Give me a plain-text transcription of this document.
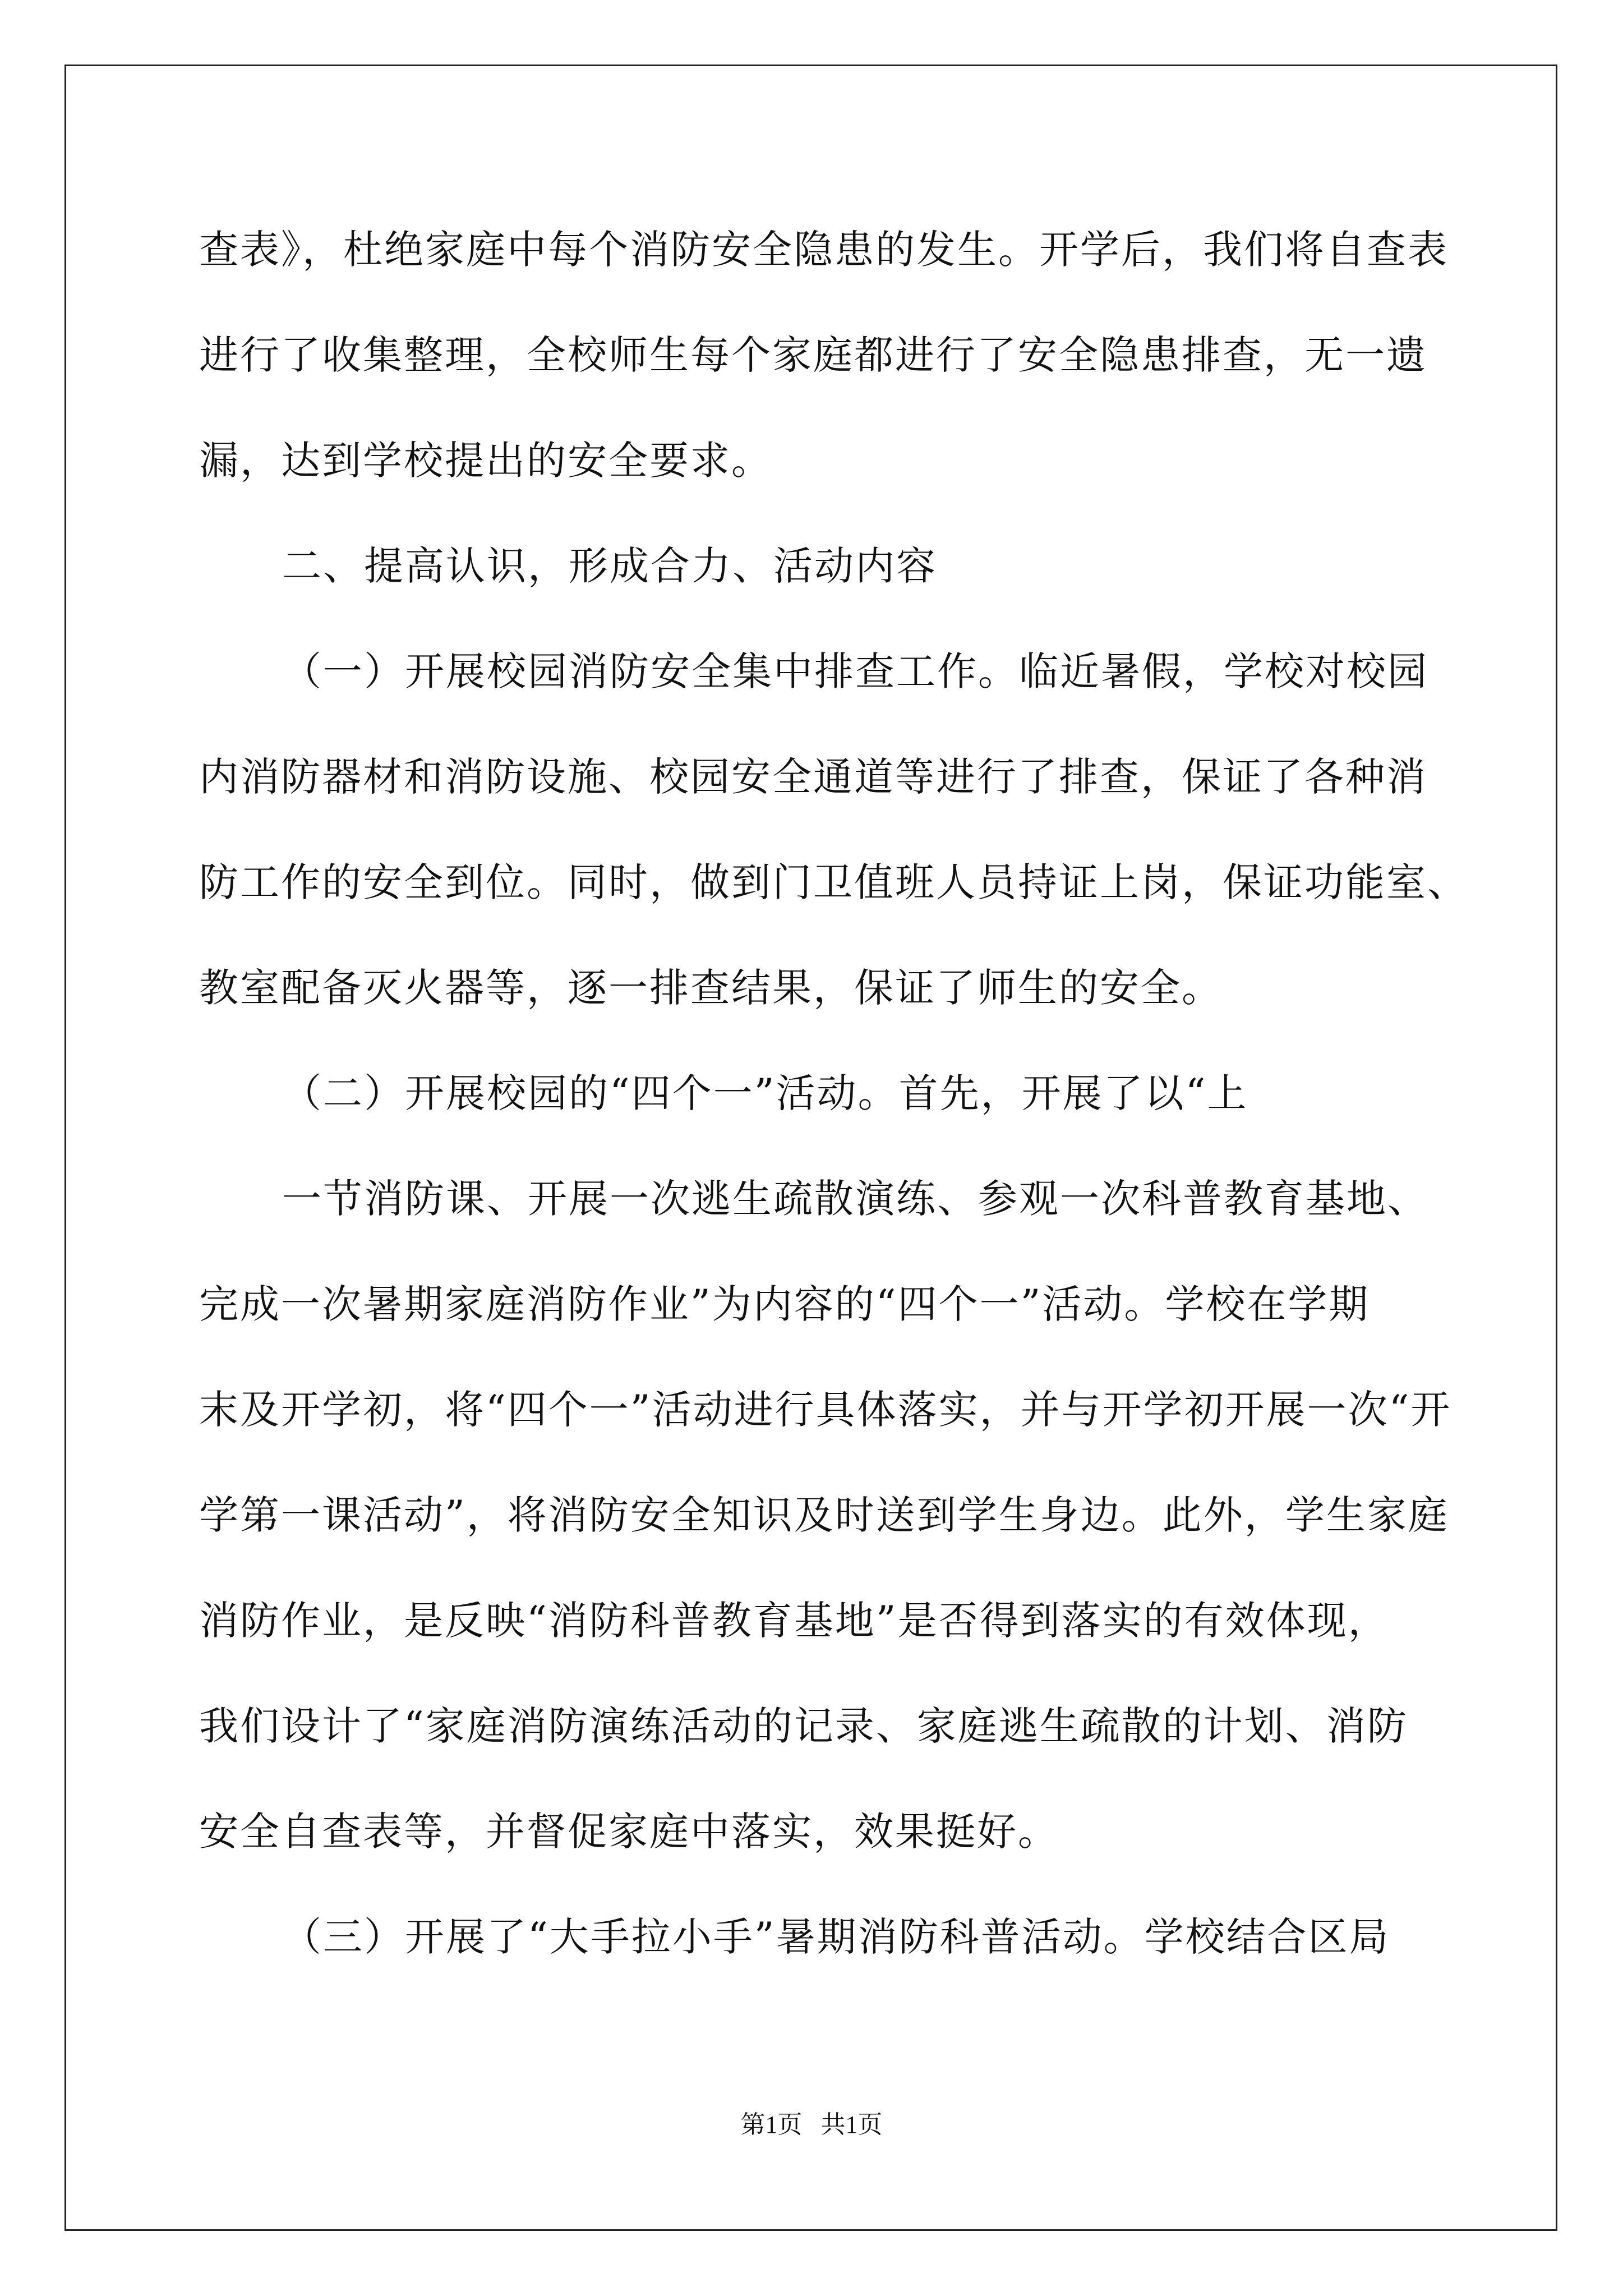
查表》，杜绝家庭中每个消防安全隐患的发生。开学后，我们将自查表
进行了收集整理，全校师生每个家庭都进行了安全隐患排查，无一遗
漏，达到学校提出的安全要求。
二、提高认识，形成合力、活动内容
（一）开展校园消防安全集中排查工作。临近暑假，学校对校园
内消防器材和消防设施、校园安全通道等进行了排查，保证了各种消
防工作的安全到位。同时，做到门卫值班人员持证上岗，保证功能室、
教室配备灭火器等，逐一排查结果，保证了师生的安全。
（二）开展校园的“四个一”活动。首先，开展了以“上
一节消防课、开展一次逃生疏散演练、参观一次科普教育基地、
完成一次暑期家庭消防作业”为内容的“四个一”活动。学校在学期
末及开学初，将“四个一”活动进行具体落实，并与开学初开展一次“开
学第一课活动”，将消防安全知识及时送到学生身边。此外，学生家庭
消防作业，是反映“消防科普教育基地”是否得到落实的有效体现，
我们设计了“家庭消防演练活动的记录、家庭逃生疏散的计划、消防
安全自查表等，并督促家庭中落实，效果挺好。
（三）开展了“大手拉小手”暑期消防科普活动。学校结合区局
第1页   共1页
